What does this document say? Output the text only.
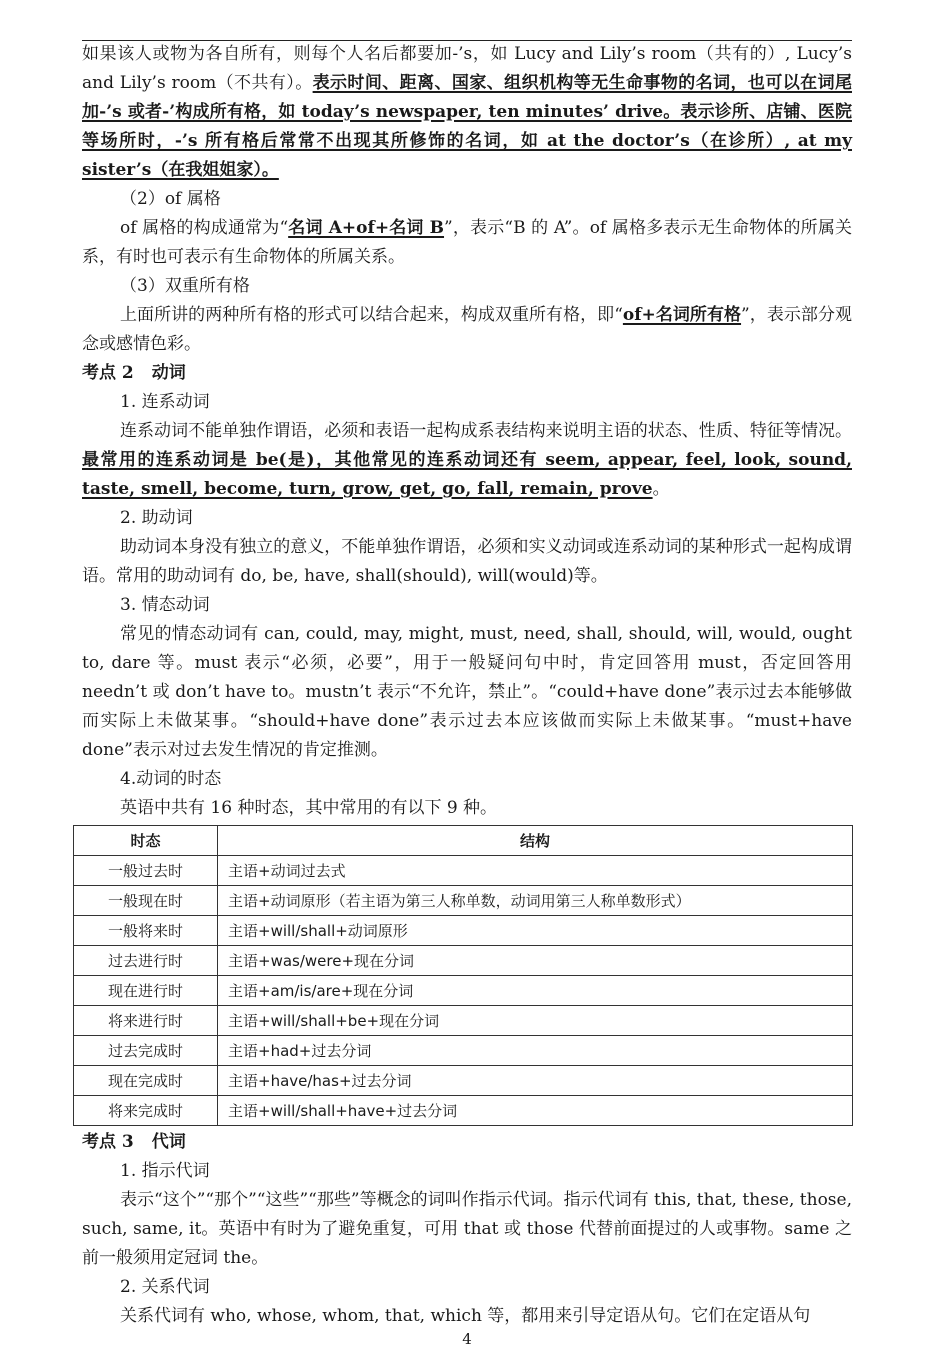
如果该人或物为各自所有，则每个人名后都要加-’s，如 Lucy and Lily’s room（共有的）, Lucy’s and Lily’s room（不共有）。表示时间、距离、国家、组织机构等无生命事物的名词，也可以在词尾加-’s 或者-’构成所有格，如 today’s newspaper, ten minutes’ drive。表示诊所、店铺、医院等场所时，-’s 所有格后常常不出现其所修饰的名词，如 at the doctor’s（在诊所）, at my sister’s（在我姐姐家）。

（2）of 属格

of 属格的构成通常为“名词 A+of+名词 B”，表示“B 的 A”。of 属格多表示无生命物体的所属关系，有时也可表示有生命物体的所属关系。

（3）双重所有格

上面所讲的两种所有格的形式可以结合起来，构成双重所有格，即“of+名词所有格”，表示部分观念或感情色彩。

考点 2 动词

1. 连系动词

连系动词不能单独作谓语，必须和表语一起构成系表结构来说明主语的状态、性质、特征等情况。最常用的连系动词是 be(是)，其他常见的连系动词还有 seem, appear, feel, look, sound, taste, smell, become, turn, grow, get, go, fall, remain, prove。

2. 助动词

助动词本身没有独立的意义，不能单独作谓语，必须和实义动词或连系动词的某种形式一起构成谓语。常用的助动词有 do, be, have, shall(should), will(would)等。

3. 情态动词

常见的情态动词有 can, could, may, might, must, need, shall, should, will, would, ought to, dare 等。must 表示“必须，必要”，用于一般疑问句中时，肯定回答用 must，否定回答用 needn’t 或 don’t have to。mustn’t 表示“不允许，禁止”。“could+have done”表示过去本能够做而实际上未做某事。“should+have done”表示过去本应该做而实际上未做某事。“must+have done”表示对过去发生情况的肯定推测。

4.动词的时态

英语中共有 16 种时态，其中常用的有以下 9 种。

时态	结构
一般过去时	主语+动词过去式
一般现在时	主语+动词原形（若主语为第三人称单数，动词用第三人称单数形式）
一般将来时	主语+will/shall+动词原形
过去进行时	主语+was/were+现在分词
现在进行时	主语+am/is/are+现在分词
将来进行时	主语+will/shall+be+现在分词
过去完成时	主语+had+过去分词
现在完成时	主语+have/has+过去分词
将来完成时	主语+will/shall+have+过去分词

考点 3 代词

1. 指示代词

表示“这个”“那个”“这些”“那些”等概念的词叫作指示代词。指示代词有 this, that, these, those, such, same, it。英语中有时为了避免重复，可用 that 或 those 代替前面提过的人或事物。same 之前一般须用定冠词 the。

2. 关系代词

关系代词有 who, whose, whom, that, which 等，都用来引导定语从句。它们在定语从句

4
